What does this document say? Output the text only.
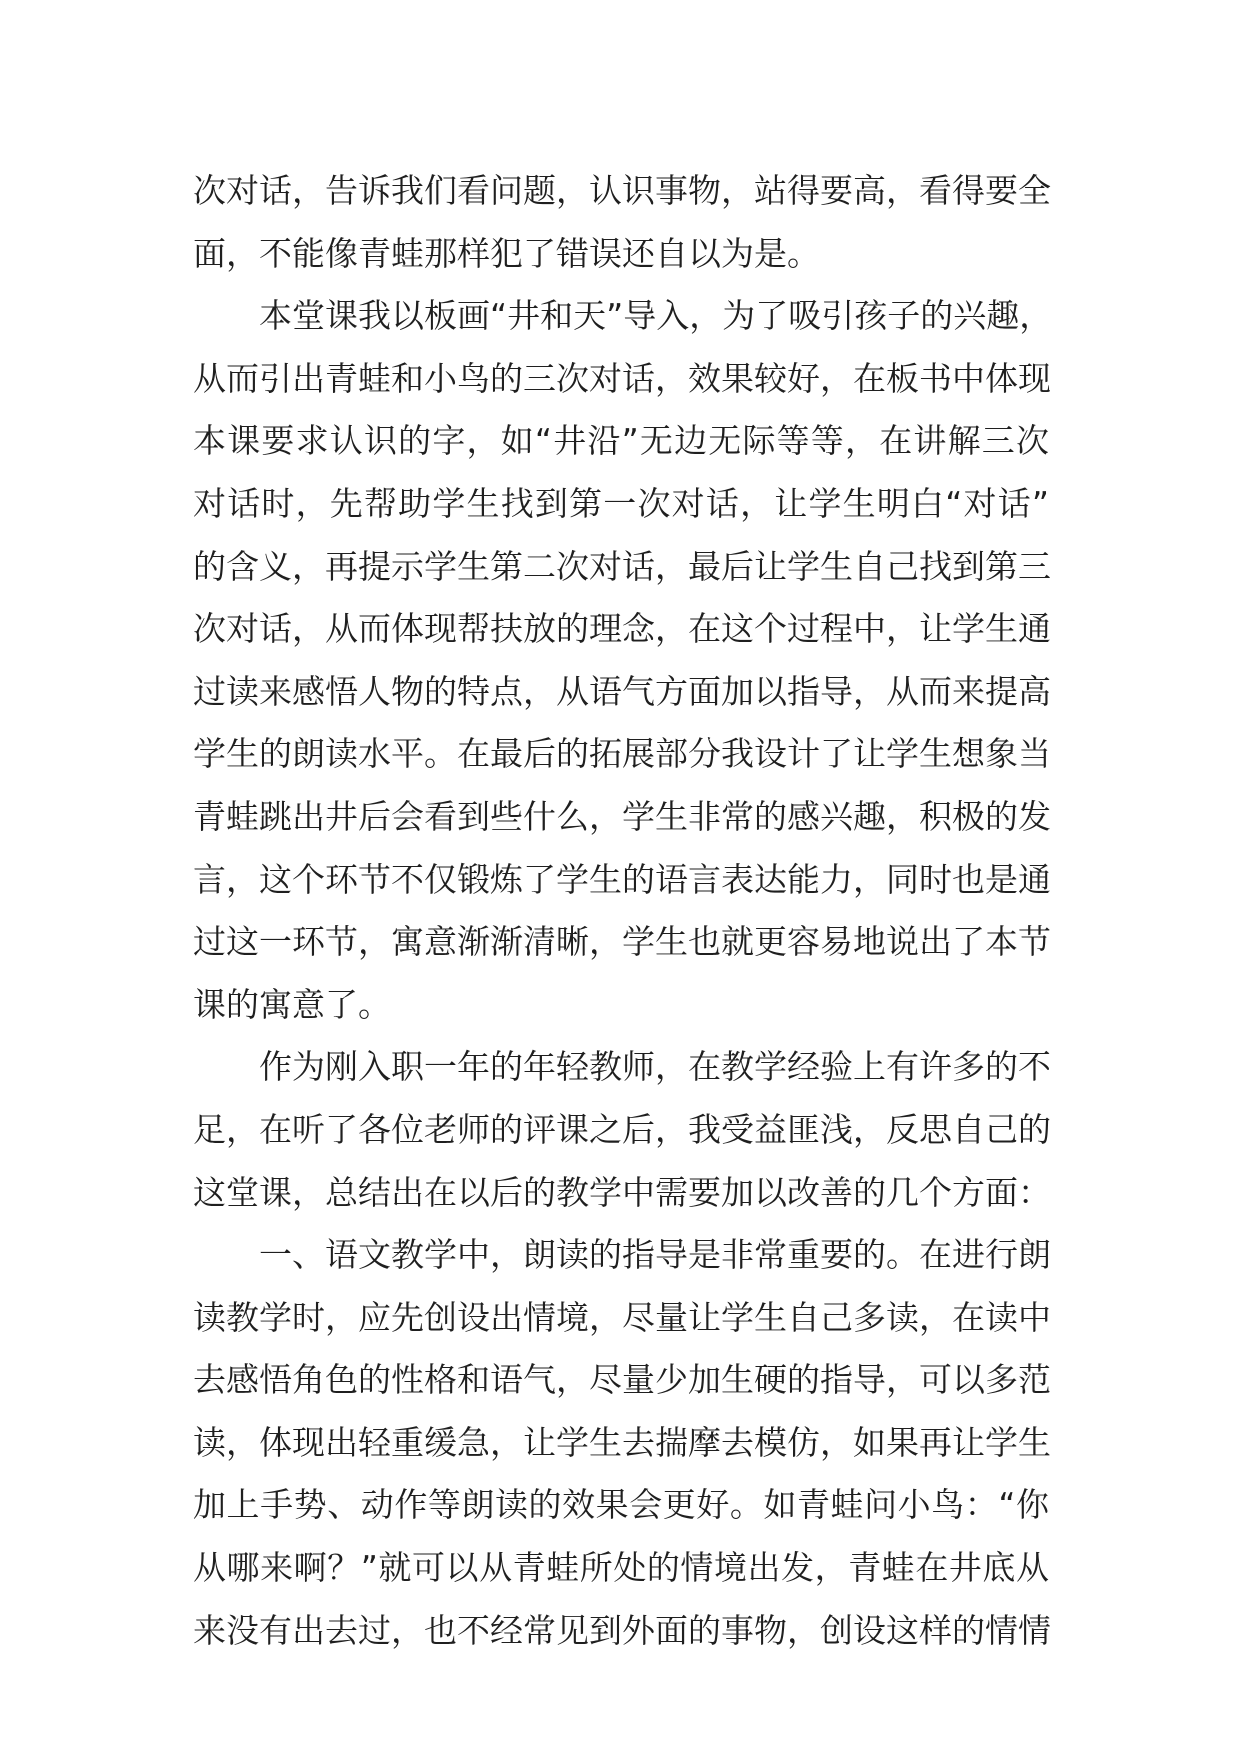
次对话，告诉我们看问题，认识事物，站得要高，看得要全
面，不能像青蛙那样犯了错误还自以为是。
本堂课我以板画“井和天”导入，为了吸引孩子的兴趣，
从而引出青蛙和小鸟的三次对话，效果较好，在板书中体现
本课要求认识的字，如“井沿”无边无际等等，在讲解三次
对话时，先帮助学生找到第一次对话，让学生明白“对话”
的含义，再提示学生第二次对话，最后让学生自己找到第三
次对话，从而体现帮扶放的理念，在这个过程中，让学生通
过读来感悟人物的特点，从语气方面加以指导，从而来提高
学生的朗读水平。在最后的拓展部分我设计了让学生想象当
青蛙跳出井后会看到些什么，学生非常的感兴趣，积极的发
言，这个环节不仅锻炼了学生的语言表达能力，同时也是通
过这一环节，寓意渐渐清晰，学生也就更容易地说出了本节
课的寓意了。
作为刚入职一年的年轻教师，在教学经验上有许多的不
足，在听了各位老师的评课之后，我受益匪浅，反思自己的
这堂课，总结出在以后的教学中需要加以改善的几个方面：
一、语文教学中，朗读的指导是非常重要的。在进行朗
读教学时，应先创设出情境，尽量让学生自己多读，在读中
去感悟角色的性格和语气，尽量少加生硬的指导，可以多范
读，体现出轻重缓急，让学生去揣摩去模仿，如果再让学生
加上手势、动作等朗读的效果会更好。如青蛙问小鸟：“你
从哪来啊？”就可以从青蛙所处的情境出发，青蛙在井底从
来没有出去过，也不经常见到外面的事物，创设这样的情情
